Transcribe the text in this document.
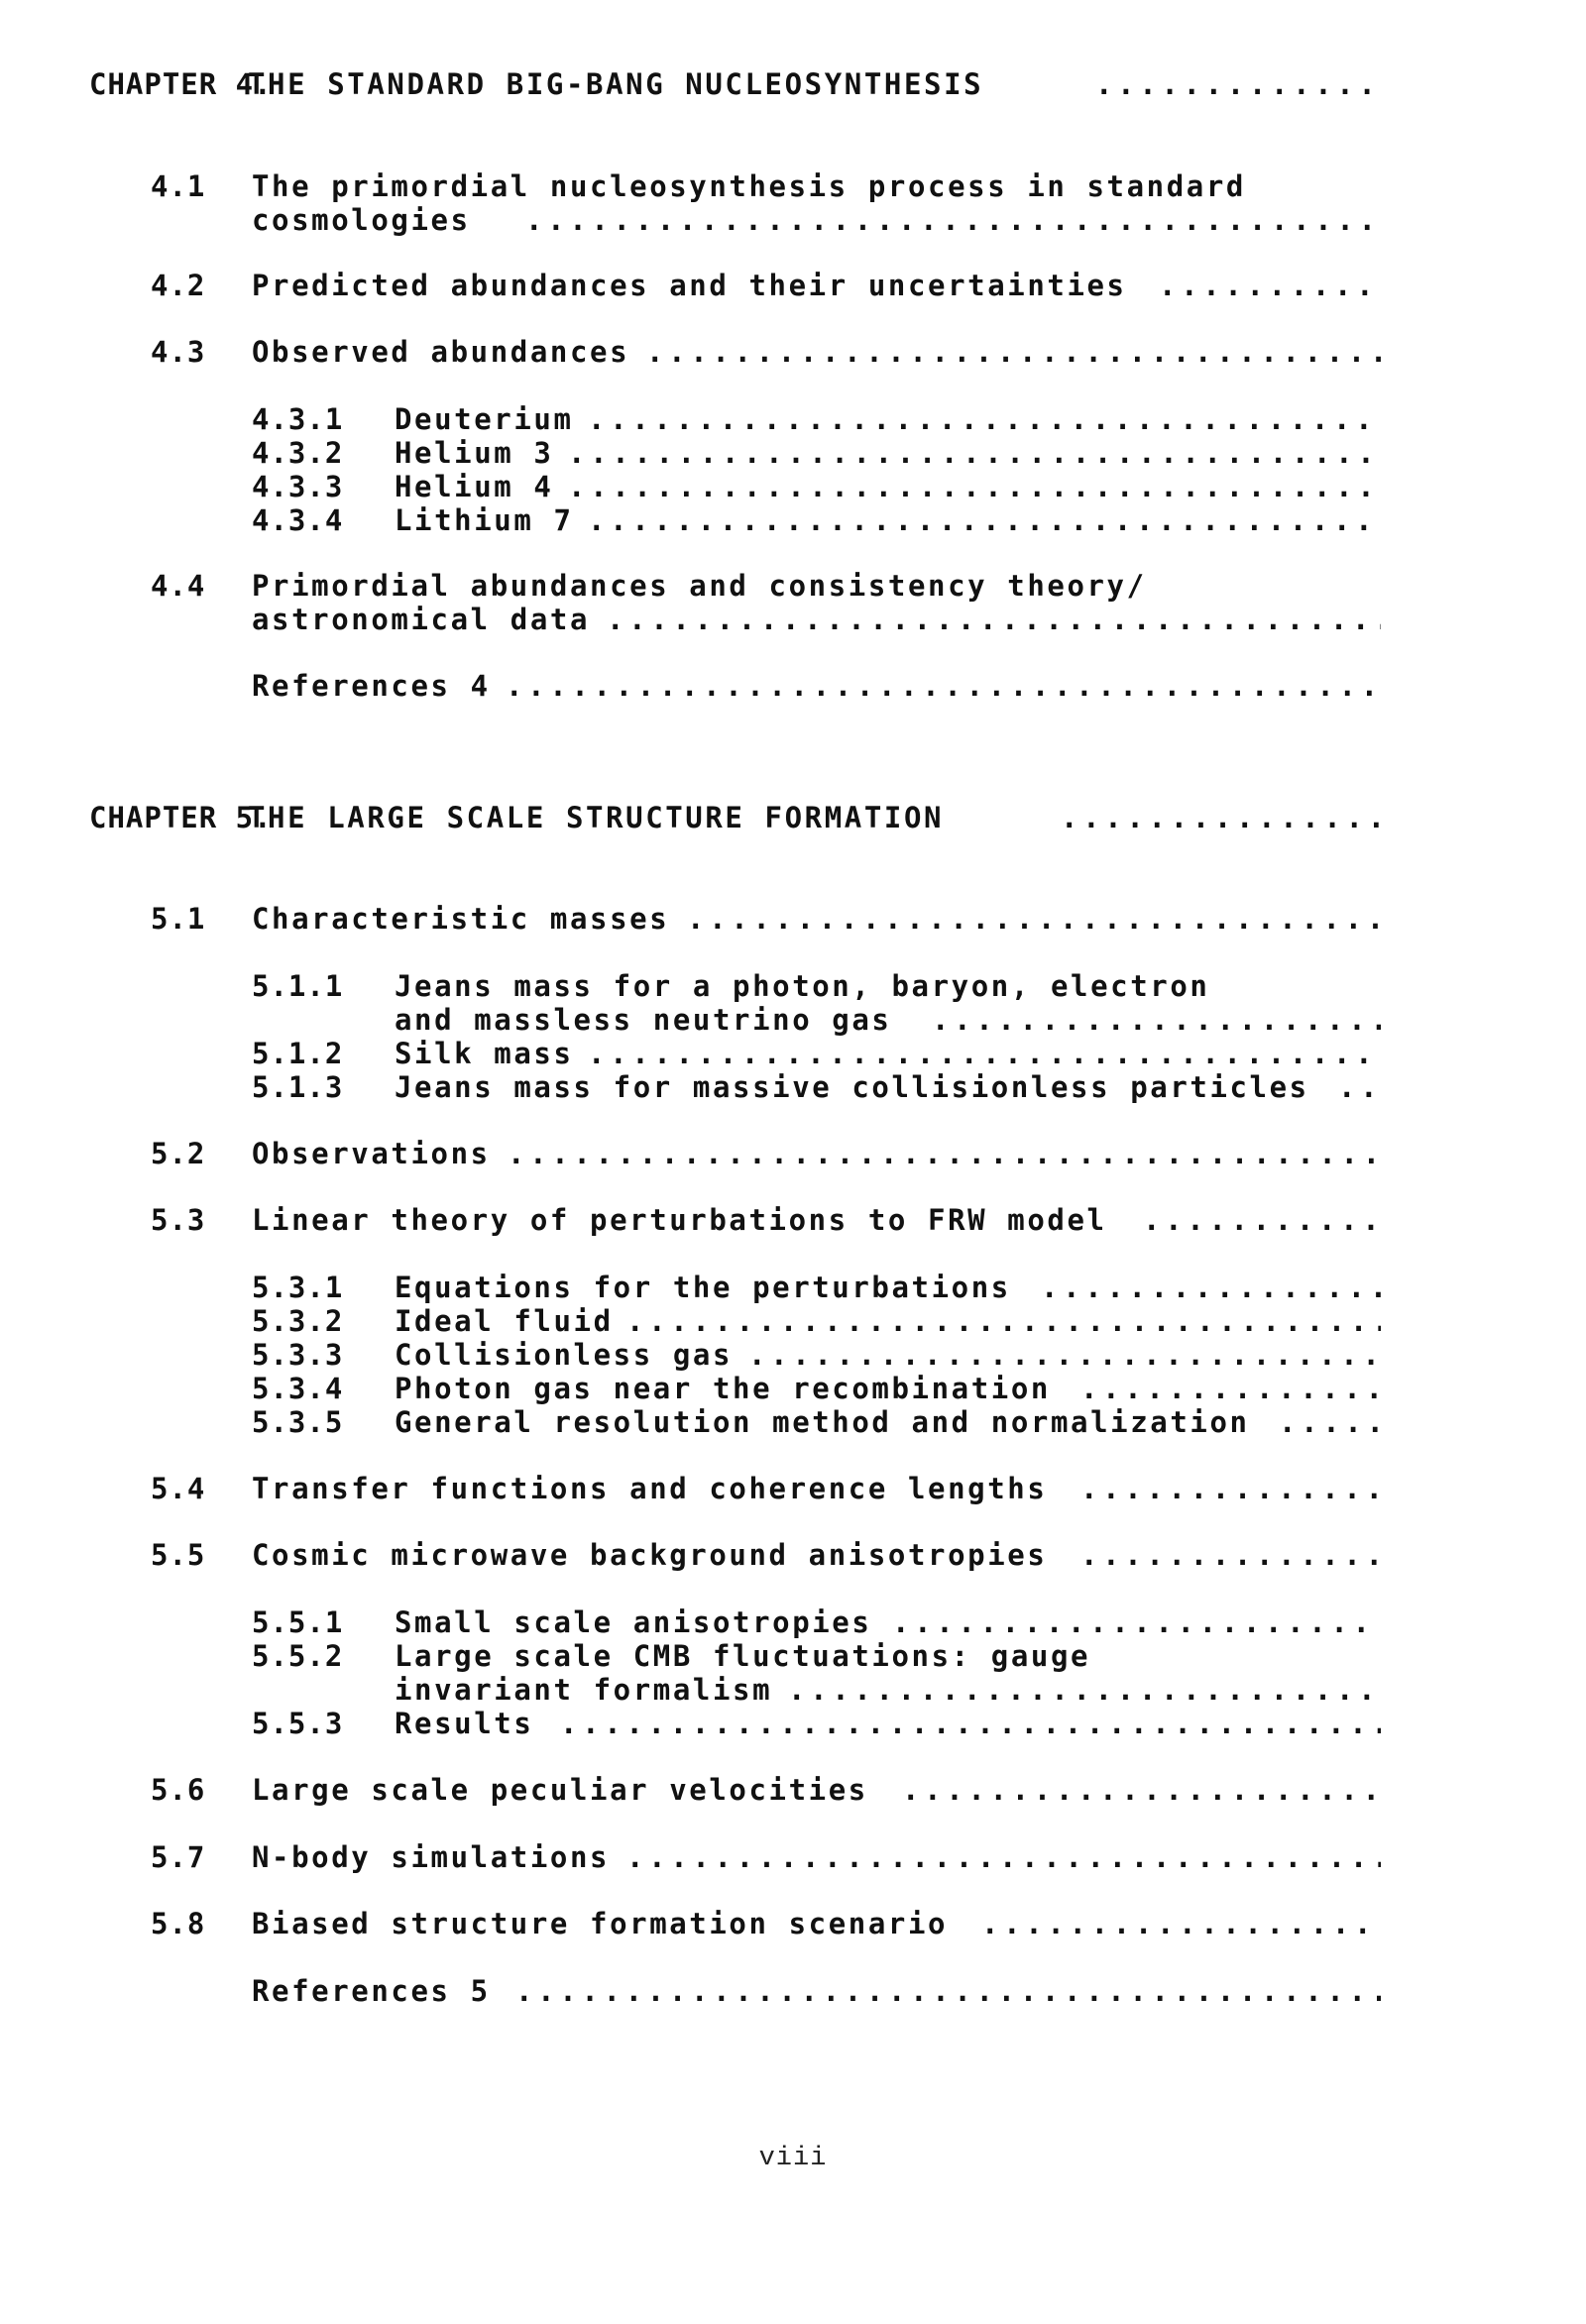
CHAPTER 4.
THE STANDARD BIG-BANG NUCLEOSYNTHESIS
. . .
4.1 The primordial nucleosynthesis process in standard
cosmologies
. . .
4.2 Predicted abundances and their uncertainties
. . .
4.3 Observed abundances
. . .
4.3.1 Deuterium
. . .
4.3.2 Helium 3
. . .
4.3.3 Helium 4
. . .
4.3.4 Lithium 7
. . .
4.4 Primordial abundances and consistency theory/
astronomical data
. . .
References 4
. . .
CHAPTER 5.
THE LARGE SCALE STRUCTURE FORMATION
. . .
5.1 Characteristic masses
. . .
5.1.1 Jeans mass for a photon, baryon, electron
and massless neutrino gas
. . .
5.1.2 Silk mass
. . .
5.1.3 Jeans mass for massive collisionless particles
. . .
5.2 Observations
. . .
5.3 Linear theory of perturbations to FRW model
. . .
5.3.1 Equations for the perturbations
. . .
5.3.2 Ideal fluid
. . .
5.3.3 Collisionless gas
. . .
5.3.4 Photon gas near the recombination
. . .
5.3.5 General resolution method and normalization
. . .
5.4 Transfer functions and coherence lengths
. . .
5.5 Cosmic microwave background anisotropies
. . .
5.5.1 Small scale anisotropies
. . .
5.5.2 Large scale CMB fluctuations: gauge
invariant formalism
. . .
5.5.3 Results
. . .
5.6 Large scale peculiar velocities
. . .
5.7 N-body simulations
. . .
5.8 Biased structure formation scenario
. . .
References 5
. . .
viii
